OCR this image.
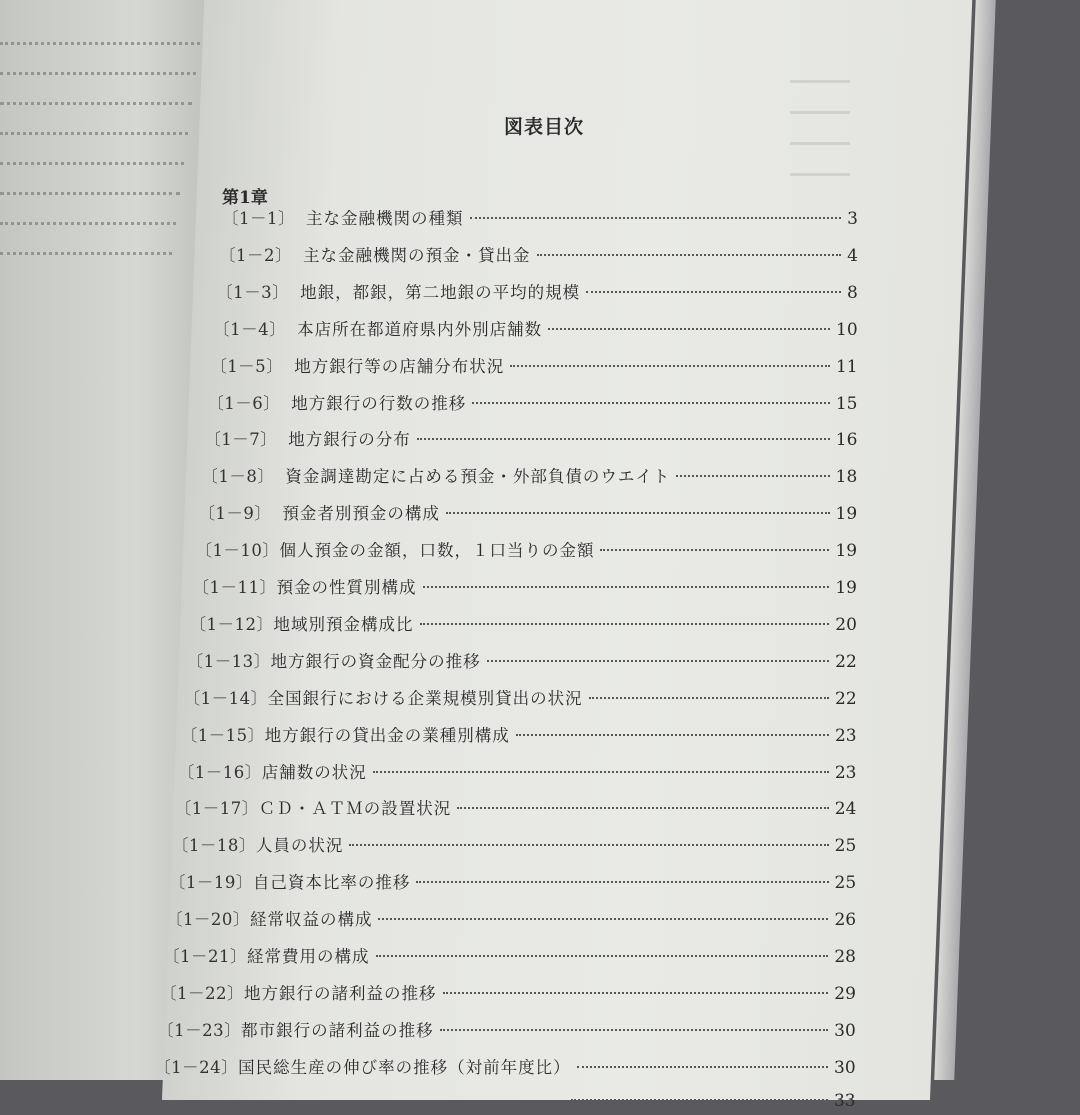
図表目次
第1章
〔1－1〕 主な金融機関の種類	3
〔1－2〕 主な金融機関の預金・貸出金	4
〔1－3〕 地銀，都銀，第二地銀の平均的規模	8
〔1－4〕 本店所在都道府県内外別店舗数	10
〔1－5〕 地方銀行等の店舗分布状況	11
〔1－6〕 地方銀行の行数の推移	15
〔1－7〕 地方銀行の分布	16
〔1－8〕 資金調達勘定に占める預金・外部負債のウエイト	18
〔1－9〕 預金者別預金の構成	19
〔1－10〕 個人預金の金額，口数，１口当りの金額	19
〔1－11〕 預金の性質別構成	19
〔1－12〕 地域別預金構成比	20
〔1－13〕 地方銀行の資金配分の推移	22
〔1－14〕 全国銀行における企業規模別貸出の状況	22
〔1－15〕 地方銀行の貸出金の業種別構成	23
〔1－16〕 店舗数の状況	23
〔1－17〕 ＣＤ・ＡＴＭの設置状況	24
〔1－18〕 人員の状況	25
〔1－19〕 自己資本比率の推移	25
〔1－20〕 経常収益の構成	26
〔1－21〕 経常費用の構成	28
〔1－22〕 地方銀行の諸利益の推移	29
〔1－23〕 都市銀行の諸利益の推移	30
〔1－24〕 国民総生産の伸び率の推移（対前年度比）	30
33
